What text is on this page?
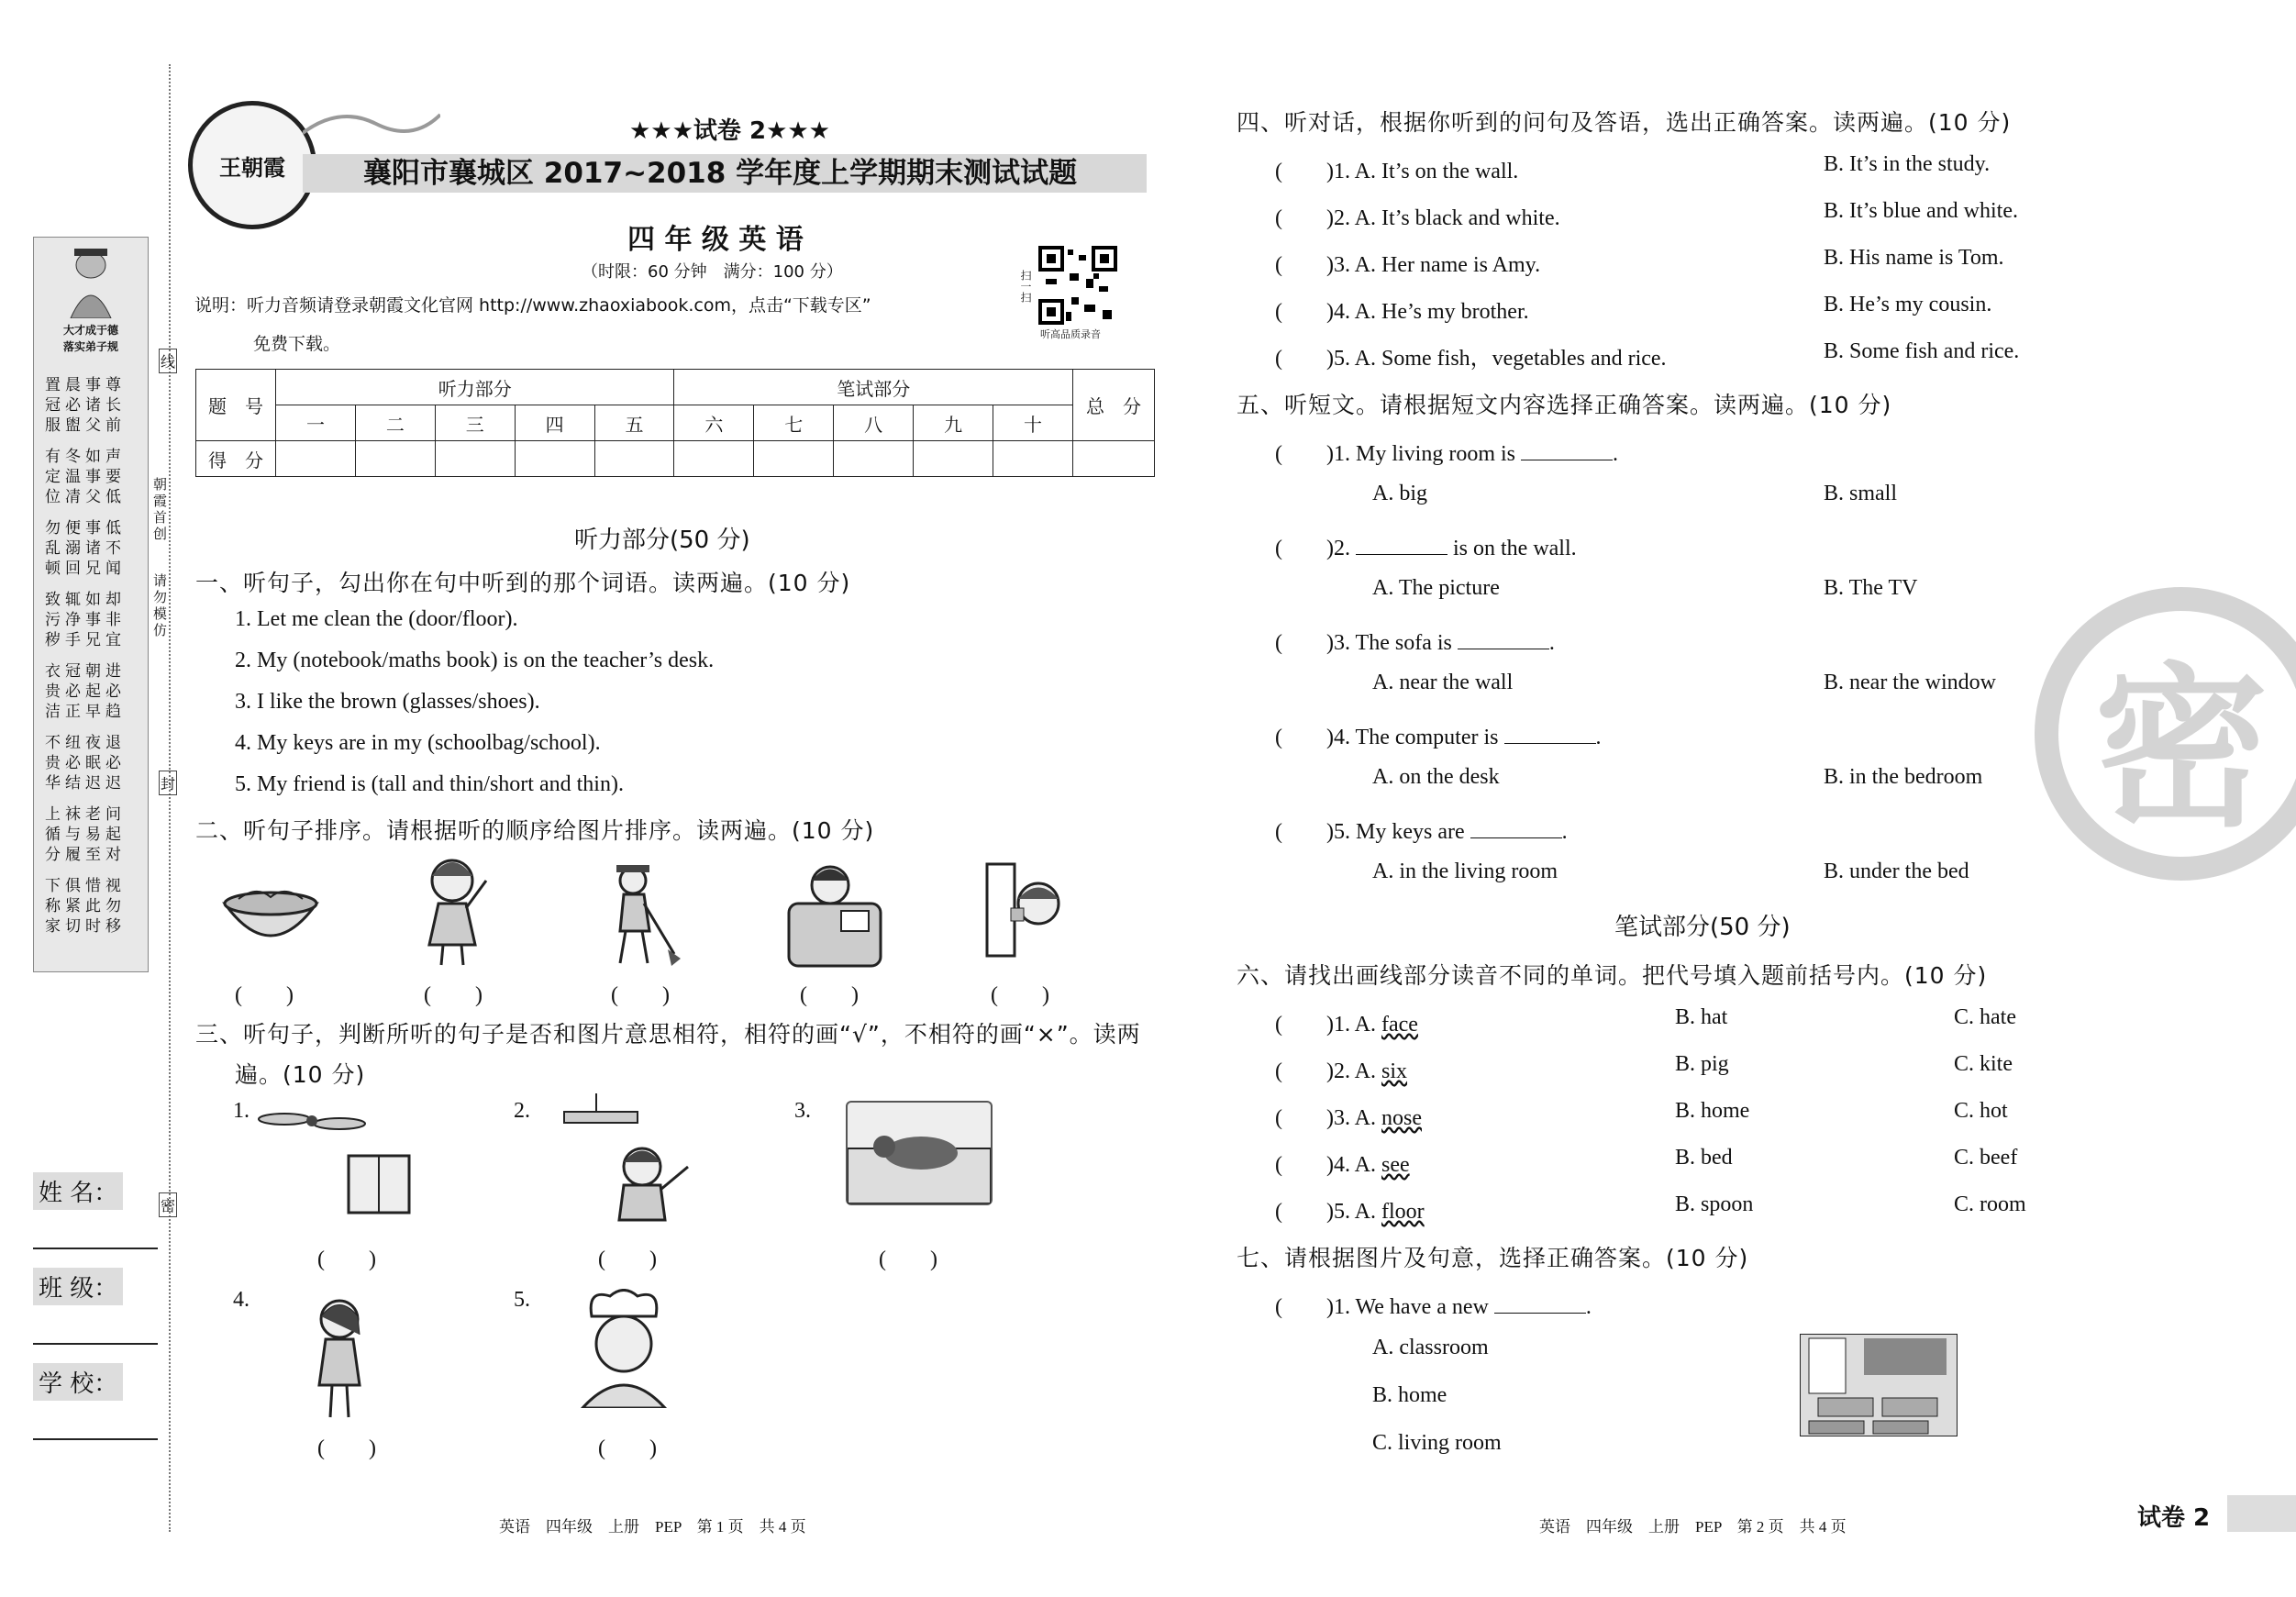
大才成于德
落实弟子规
置晨事尊
冠必诸长
服盥父前
有冬如声
定温事要
位凊父低
勿便事低
乱溺诸不
顿回兄闻
致辄如却
污净事非
秽手兄宜
衣冠朝进
贵必起必
洁正早趋
不纽夜退
贵必眠必
华结迟迟
上袜老问
循与易起
分履至对
下俱惜视
称紧此勿
家切时移
朝霞首创
请勿模仿
线
封
密
姓 名：
班 级：
学 校：
王朝霞
★★★试卷 2★★★
襄阳市襄城区 2017~2018 学年度上学期期末测试试题
四 年 级 英 语
（时限：60 分钟　满分：100 分）
说明：听力音频请登录朝霞文化官网 http://www.zhaoxiabook.com，点击“下载专区”
免费下载。
扫一扫
听高品质录音
题　号	听力部分					笔试部分					总　分
	一	二	三	四	五	六	七	八	九	十	
得　分											
听力部分(50 分)
一、听句子，勾出你在句中听到的那个词语。读两遍。(10 分)
1. Let me clean the (door/floor).
2. My (notebook/maths book) is on the teacher’s desk.
3. I like the brown (glasses/shoes).
4. My keys are in my (schoolbag/school).
5. My friend is (tall and thin/short and thin).
二、听句子排序。请根据听的顺序给图片排序。读两遍。(10 分)
(　　)	(　　)	(　　)	(　　)	(　　)
三、听句子，判断所听的句子是否和图片意思相符，相符的画“√”，不相符的画“×”。读两
遍。(10 分)
1.	2.	3.
(　　)	(　　)	(　　)
4.	5.
(　　)	(　　)
英语　四年级　上册　PEP　第 1 页　共 4 页
四、听对话，根据你听到的问句及答语，选出正确答案。读两遍。(10 分)
(　　)1. A. It’s on the wall.	B. It’s in the study.
(　　)2. A. It’s black and white.	B. It’s blue and white.
(　　)3. A. Her name is Amy.	B. His name is Tom.
(　　)4. A. He’s my brother.	B. He’s my cousin.
(　　)5. A. Some fish，vegetables and rice.	B. Some fish and rice.
五、听短文。请根据短文内容选择正确答案。读两遍。(10 分)
(　　)1. My living room is	.
A. big	B. small
(　　)2.	is on the wall.
A. The picture	B. The TV
(　　)3. The sofa is	.
A. near the wall	B. near the window
(　　)4. The computer is	.
A. on the desk	B. in the bedroom
(　　)5. My keys are	.
A. in the living room	B. under the bed
笔试部分(50 分)
六、请找出画线部分读音不同的单词。把代号填入题前括号内。(10 分)
(　　)1. A. face	B. hat	C. hate
(　　)2. A. six	B. pig	C. kite
(　　)3. A. nose	B. home	C. hot
(　　)4. A. see	B. bed	C. beef
(　　)5. A. floor	B. spoon	C. room
七、请根据图片及句意，选择正确答案。(10 分)
(　　)1. We have a new	.
A. classroom
B. home
C. living room
密
英语　四年级　上册　PEP　第 2 页　共 4 页	试卷 2
